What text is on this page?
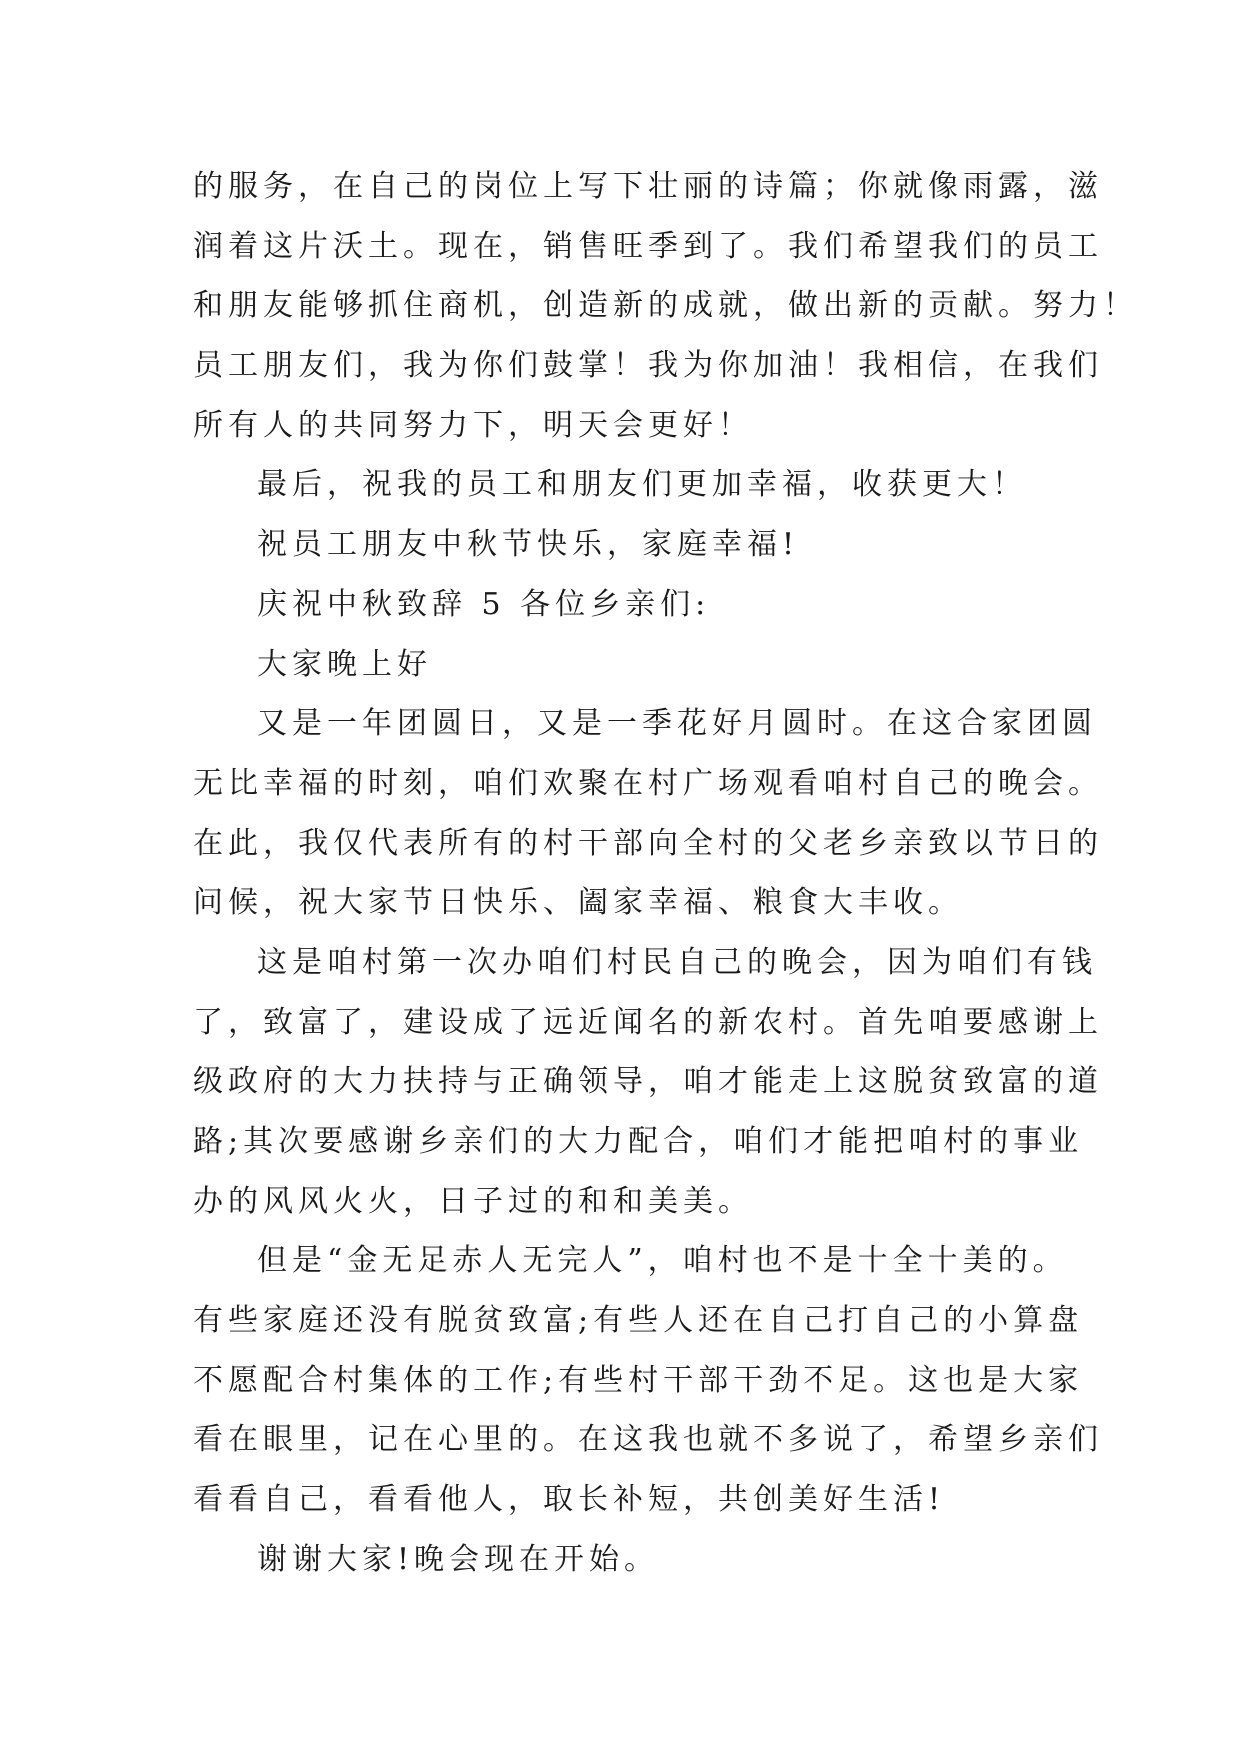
的服务，在自己的岗位上写下壮丽的诗篇；你就像雨露，滋
润着这片沃土。现在，销售旺季到了。我们希望我们的员工
和朋友能够抓住商机，创造新的成就，做出新的贡献。努力！
员工朋友们，我为你们鼓掌！我为你加油！我相信，在我们
所有人的共同努力下，明天会更好！
最后，祝我的员工和朋友们更加幸福，收获更大！
祝员工朋友中秋节快乐，家庭幸福!
庆祝中秋致辞 5 各位乡亲们:
大家晚上好
又是一年团圆日，又是一季花好月圆时。在这合家团圆
无比幸福的时刻，咱们欢聚在村广场观看咱村自己的晚会。
在此，我仅代表所有的村干部向全村的父老乡亲致以节日的
问候，祝大家节日快乐、阖家幸福、粮食大丰收。
这是咱村第一次办咱们村民自己的晚会，因为咱们有钱
了，致富了，建设成了远近闻名的新农村。首先咱要感谢上
级政府的大力扶持与正确领导，咱才能走上这脱贫致富的道
路;其次要感谢乡亲们的大力配合，咱们才能把咱村的事业
办的风风火火，日子过的和和美美。
但是“金无足赤人无完人”，咱村也不是十全十美的。
有些家庭还没有脱贫致富;有些人还在自己打自己的小算盘
不愿配合村集体的工作;有些村干部干劲不足。这也是大家
看在眼里，记在心里的。在这我也就不多说了，希望乡亲们
看看自己，看看他人，取长补短，共创美好生活!
谢谢大家!晚会现在开始。
